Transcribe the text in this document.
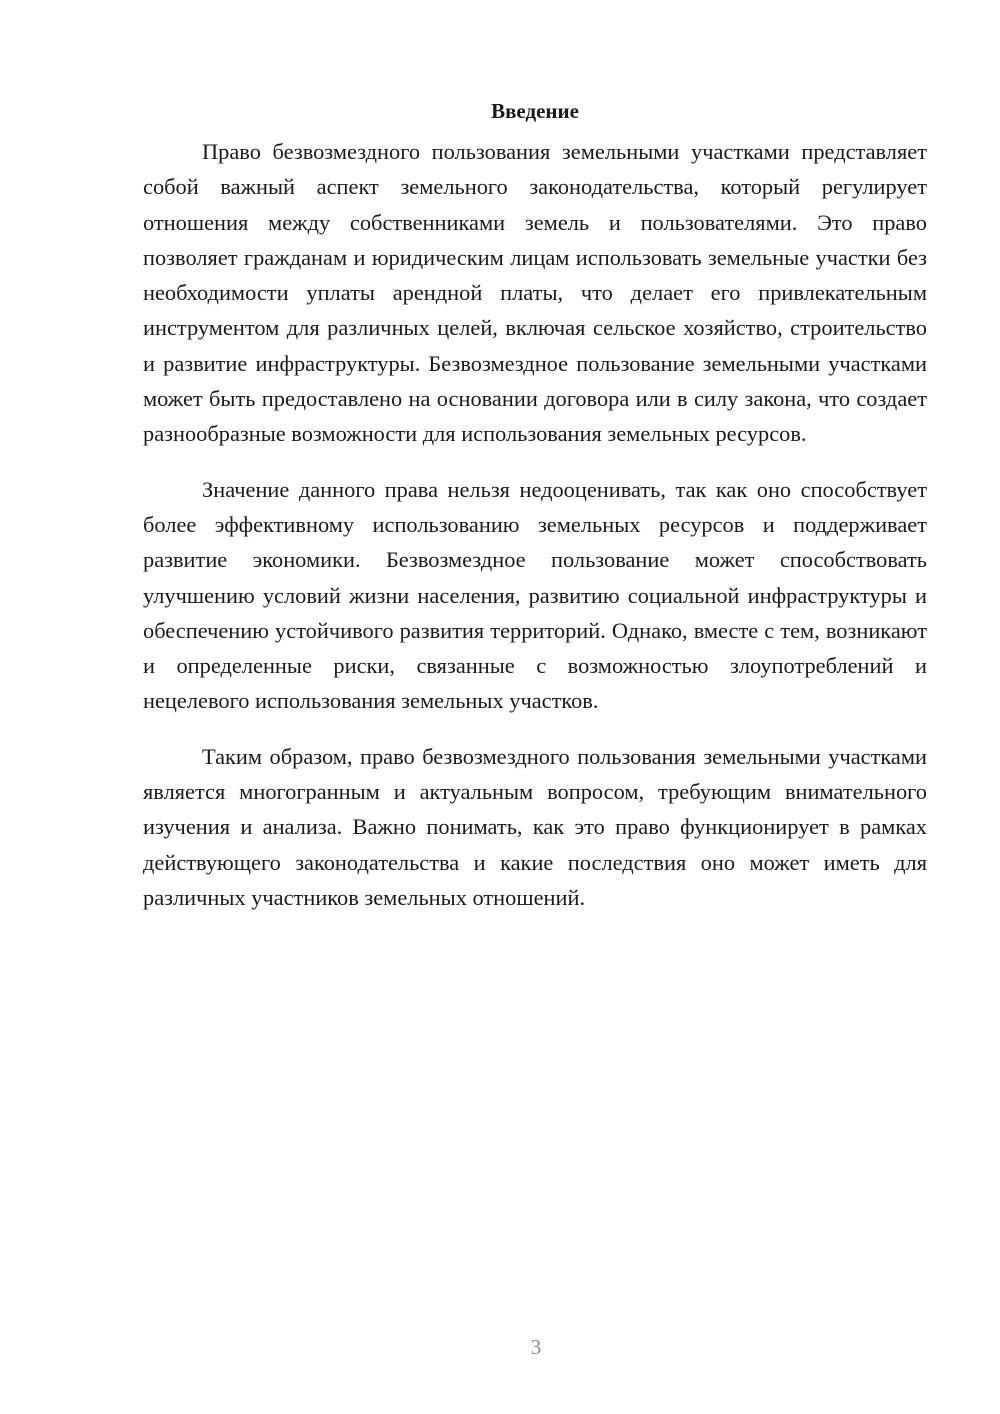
Введение

Право безвозмездного пользования земельными участками представляет собой важный аспект земельного законодательства, который регулирует отношения между собственниками земель и пользователями. Это право позволяет гражданам и юридическим лицам использовать земельные участки без необходимости уплаты арендной платы, что делает его привлекательным инструментом для различных целей, включая сельское хозяйство, строительство и развитие инфраструктуры. Безвозмездное пользование земельными участками может быть предоставлено на основании договора или в силу закона, что создает разнообразные возможности для использования земельных ресурсов.

Значение данного права нельзя недооценивать, так как оно способствует более эффективному использованию земельных ресурсов и поддерживает развитие экономики. Безвозмездное пользование может способствовать улучшению условий жизни населения, развитию социальной инфраструктуры и обеспечению устойчивого развития территорий. Однако, вместе с тем, возникают и определенные риски, связанные с возможностью злоупотреблений и нецелевого использования земельных участков.

Таким образом, право безвозмездного пользования земельными участками является многогранным и актуальным вопросом, требующим внимательного изучения и анализа. Важно понимать, как это право функционирует в рамках действующего законодательства и какие последствия оно может иметь для различных участников земельных отношений.

3
